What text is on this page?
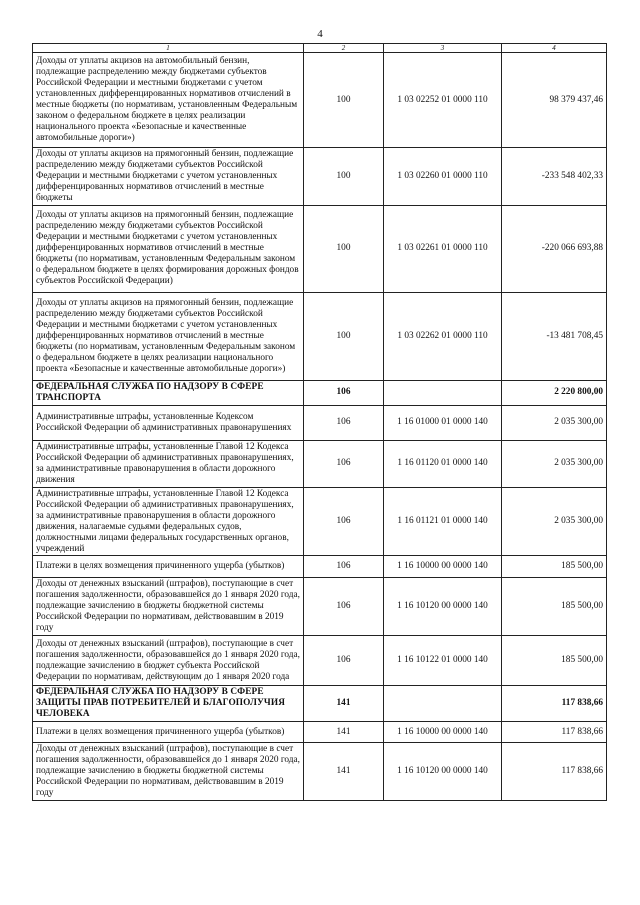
4
1	2	3	4
Доходы от уплаты акцизов на автомобильный бензин, подлежащие распределению между бюджетами субъектов Российской Федерации и местными бюджетами с учетом установленных дифференцированных нормативов отчислений в местные бюджеты (по нормативам, установленным Федеральным законом о федеральном бюджете в целях реализации национального проекта «Безопасные и качественные автомобильные дороги»)	100	1 03 02252 01 0000 110	98 379 437,46
Доходы от уплаты акцизов на прямогонный бензин, подлежащие распределению между бюджетами субъектов Российской Федерации и местными бюджетами с учетом установленных дифференцированных нормативов отчислений в местные бюджеты	100	1 03 02260 01 0000 110	-233 548 402,33
Доходы от уплаты акцизов на прямогонный бензин, подлежащие распределению между бюджетами субъектов Российской Федерации и местными бюджетами с учетом установленных дифференцированных нормативов отчислений в местные бюджеты (по нормативам, установленным Федеральным законом о федеральном бюджете в целях формирования дорожных фондов субъектов Российской Федерации)	100	1 03 02261 01 0000 110	-220 066 693,88
Доходы от уплаты акцизов на прямогонный бензин, подлежащие распределению между бюджетами субъектов Российской Федерации и местными бюджетами с учетом установленных дифференцированных нормативов отчислений в местные бюджеты (по нормативам, установленным Федеральным законом о федеральном бюджете в целях реализации национального проекта «Безопасные и качественные автомобильные дороги»)	100	1 03 02262 01 0000 110	-13 481 708,45
ФЕДЕРАЛЬНАЯ СЛУЖБА ПО НАДЗОРУ В СФЕРЕ ТРАНСПОРТА	106		2 220 800,00
Административные штрафы, установленные Кодексом Российской Федерации об административных правонарушениях	106	1 16 01000 01 0000 140	2 035 300,00
Административные штрафы, установленные Главой 12 Кодекса Российской Федерации об административных правонарушениях, за административные правонарушения в области дорожного движения	106	1 16 01120 01 0000 140	2 035 300,00
Административные штрафы, установленные Главой 12 Кодекса Российской Федерации об административных правонарушениях, за административные правонарушения в области дорожного движения, налагаемые судьями федеральных судов, должностными лицами федеральных государственных органов, учреждений	106	1 16 01121 01 0000 140	2 035 300,00
Платежи в целях возмещения причиненного ущерба (убытков)	106	1 16 10000 00 0000 140	185 500,00
Доходы от денежных взысканий (штрафов), поступающие в счет погашения задолженности, образовавшейся до 1 января 2020 года, подлежащие зачислению в бюджеты бюджетной системы Российской Федерации по нормативам, действовавшим в 2019 году	106	1 16 10120 00 0000 140	185 500,00
Доходы от денежных взысканий (штрафов), поступающие в счет погашения задолженности, образовавшейся до 1 января 2020 года, подлежащие зачислению в бюджет субъекта Российской Федерации по нормативам, действующим до 1 января 2020 года	106	1 16 10122 01 0000 140	185 500,00
ФЕДЕРАЛЬНАЯ СЛУЖБА ПО НАДЗОРУ В СФЕРЕ ЗАЩИТЫ ПРАВ ПОТРЕБИТЕЛЕЙ И БЛАГОПОЛУЧИЯ ЧЕЛОВЕКА	141		117 838,66
Платежи в целях возмещения причиненного ущерба (убытков)	141	1 16 10000 00 0000 140	117 838,66
Доходы от денежных взысканий (штрафов), поступающие в счет погашения задолженности, образовавшейся до 1 января 2020 года, подлежащие зачислению в бюджеты бюджетной системы Российской Федерации по нормативам, действовавшим в 2019 году	141	1 16 10120 00 0000 140	117 838,66
